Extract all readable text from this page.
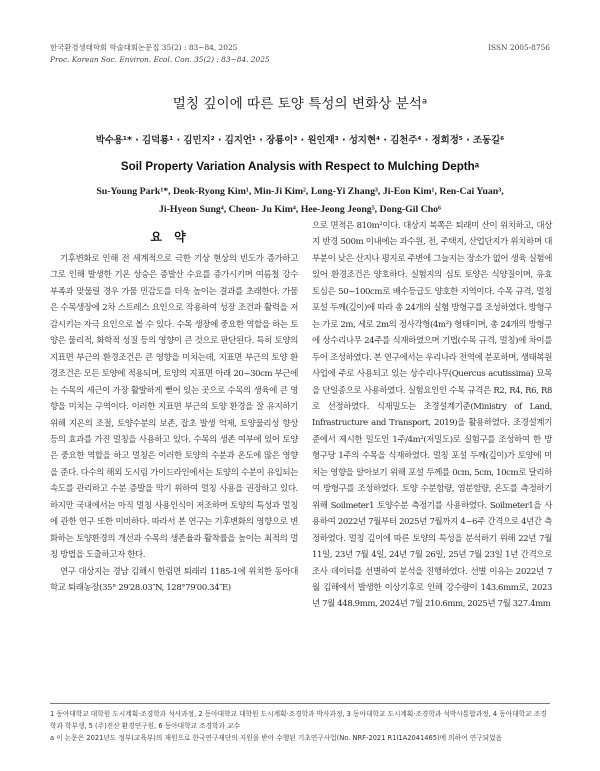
한국환경생태학회 학술대회논문집 35(2) : 83~84, 2025	ISSN 2005-8756
Proc. Korean Soc. Environ. Ecol. Con. 35(2) : 83~84. 2025
멀칭 깊이에 따른 토양 특성의 변화상 분석ᵃ
박수용¹* · 김덕룡¹ · 김민지² · 김지언¹ · 장룡이³ · 원인재³ · 성지현⁴ · 김천주⁴ · 정희정⁵ · 조동길⁶
Soil Property Variation Analysis with Respect to Mulching Depthᵃ
Su-Young Park¹*, Deok-Ryong Kim¹, Min-Ji Kim², Long-Yi Zhang³, Ji-Eon Kim¹, Ren-Cai Yuan³,
Ji-Hyeon Sung⁴, Cheon- Ju Kim⁴, Hee-Jeong Jeong⁵, Dong-Gil Cho⁶
요 약

기후변화로 인해 전 세계적으로 극한 기상 현상의 빈도가 증가하고 그로 인해 발생한 기온 상승은 증발산 수요를 증가시키며 여름철 강수 부족과 맞물릴 경우 가뭄 민감도를 더욱 높이는 결과를 초래한다. 가뭄은 수목생장에 2차 스트레스 요인으로 작용하여 성장 조건과 활력을 저감시키는 자극 요인으로 볼 수 있다. 수목 생장에 중요한 역할을 하는 토양은 물리적, 화학적 성질 등의 영향이 큰 것으로 판단된다. 특히 토양의 지표면 부근의 환경조건은 큰 영향을 미치는데, 지표면 부근의 토양 환경조건은 모든 토양에 적용되며, 토양의 지표면 아래 20~30cm 부근에는 수목의 세근이 가장 활발하게 뻗어 있는 곳으로 수목의 생육에 큰 영향을 미치는 구역이다. 이러한 지표면 부근의 토양 환경을 잘 유지하기 위해 지온의 조절, 토양수분의 보존, 잡초 발생 억제, 토양물리성 향상 등의 효과를 가진 멀칭을 사용하고 있다. 수목의 생존 여부에 있어 토양은 중요한 역할을 하고 멀칭은 이러한 토양의 수분과 온도에 많은 영향을 준다. 다수의 해외 도시림 가이드라인에서는 토양의 수분이 유입되는 속도를 관리하고 수분 증발을 막기 위하여 멀칭 사용을 권장하고 있다. 하지만 국내에서는 아직 멀칭 사용인식이 저조하며 토양의 특성과 멀칭에 관한 연구 또한 미비하다. 따라서 본 연구는 기후변화의 영향으로 변화하는 토양환경의 개선과 수목의 생존율과 활착률을 높이는 최적의 멀칭 방법을 도출하고자 한다.

연구 대상지는 경남 김해시 한림면 퇴래리 1185-1에 위치한 동아대학교 퇴래농장(35° 29′28.03″N, 128°79′00.34″E)

으로 면적은 810m²이다. 대상지 북쪽은 퇴래미 산이 위치하고, 대상지 반경 500m 이내에는 과수원, 전, 주택지, 산업단지가 위치하며 대부분이 낮은 산지나 평지로 주변에 그늘지는 장소가 없어 생육 실험에 있어 환경조건은 양호하다. 실험지의 심토 토양은 식양질이며, 유효 토심은 50~100cm로 배수등급도 양호한 지역이다. 수목 규격, 멀칭 포설 두께(깊이)에 따라 총 24개의 실험 방형구를 조성하였다. 방형구는 가로 2m, 세로 2m의 정사각형(4m²) 형태이며, 총 24개의 방형구에 상수리나무 24주를 식재하였으며 기법(수목 규격, 멀칭)에 차이를 두어 조성하였다. 본 연구에서는 우리나라 전역에 분포하며, 생태복원 사업에 주로 사용되고 있는 상수리나무(Quercus acutissima) 묘목을 단일종으로 사용하였다. 실험요인인 수목 규격은 R2, R4, R6, R8로 선정하였다. 식재밀도는 조경설계기준(Ministry of Land, Infrastructure and Transport, 2019)을 활용하였다. 조경설계기준에서 제시한 밀도인 1주/4m²(저밀도)로 실험구를 조성하여 한 방형구당 1주의 수목을 식재하였다. 멀칭 포설 두께(깊이)가 토양에 미치는 영향을 알아보기 위해 포설 두께를 0cm, 5cm, 10cm로 달리하여 방형구를 조성하였다. 토양 수분함량, 염분함량, 온도를 측정하기 위해 Soilmeter1 토양수분 측정기를 사용하였다. Soilmeter1을 사용하여 2022년 7월부터 2025년 7월까지 4~6주 간격으로 4년간 측정하였다. 멀칭 깊이에 따른 토양의 특성을 분석하기 위해 22년 7월 11일, 23년 7월 4일, 24년 7월 26일, 25년 7월 23일 1년 간격으로 조사 데이터를 선별하여 분석을 진행하였다. 선별 이유는 2022년 7월 김해에서 발생한 이상기후로 인해 강수량이 143.6mm로, 2023년 7월 448.9mm, 2024년 7월 210.6mm, 2025년 7월 327.4mm
1 동아대학교 대학원 도시계획·조경학과 석사과정, 2 동아대학교 대학원 도시계획·조경학과 박사과정, 3 동아대학교 도시계획·조경학과 석박사통합과정, 4 동아대학교 조경학과 학부생, 5 (주)진산 환경연구원, 6 동아대학교 조경학과 교수
a 이 논문은 2021년도 정부(교육부)의 재원으로 한국연구재단의 지원을 받아 수행된 기초연구사업(No. NRF-2021 R1I1A2041465)에 의하여 연구되었음
